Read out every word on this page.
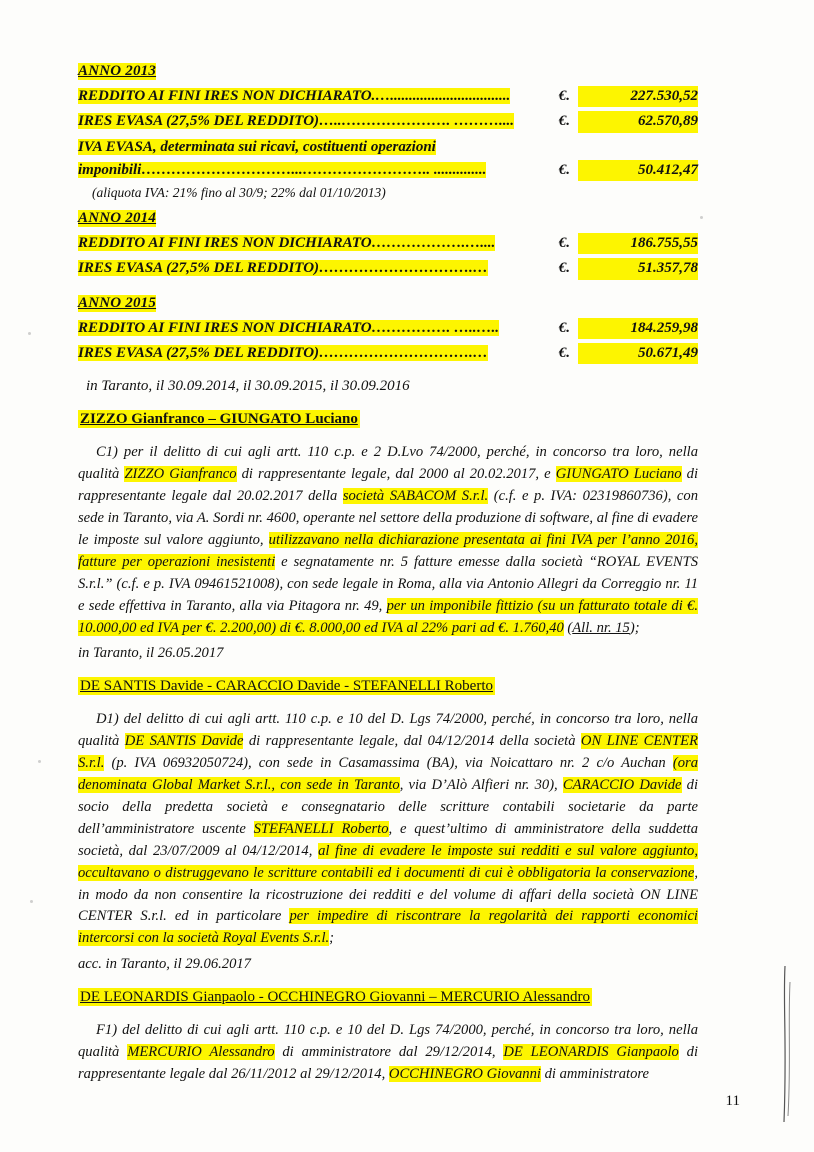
ANNO 2013
REDDITO AI FINI IRES NON DICHIARATO.…................................	€.	227.530,52
IRES EVASA (27,5% DEL REDDITO)…..…………………. ………....	€.	62.570,89
IVA EVASA, determinata sui ricavi, costituenti operazioni
imponibili…………………………...…………………….. ..............	€.	50.412,47
(aliquota IVA: 21% fino al 30/9; 22% dal 01/10/2013)
ANNO 2014
REDDITO AI FINI IRES NON DICHIARATO……………….…....	€.	186.755,55
IRES EVASA (27,5% DEL REDDITO)………………………….…	€.	51.357,78
ANNO 2015
REDDITO AI FINI IRES NON DICHIARATO……………. …..…..	€.	184.259,98
IRES EVASA (27,5% DEL REDDITO)………………………….…	€.	50.671,49
in Taranto, il 30.09.2014, il 30.09.2015, il 30.09.2016
ZIZZO Gianfranco – GIUNGATO Luciano
C1) per il delitto di cui agli artt. 110 c.p. e 2 D.Lvo 74/2000, perché, in concorso tra loro, nella qualità ZIZZO Gianfranco di rappresentante legale, dal 2000 al 20.02.2017, e GIUNGATO Luciano di rappresentante legale dal 20.02.2017 della società SABACOM S.r.l. (c.f. e p. IVA: 02319860736), con sede in Taranto, via A. Sordi nr. 4600, operante nel settore della produzione di software, al fine di evadere le imposte sul valore aggiunto, utilizzavano nella dichiarazione presentata ai fini IVA per l’anno 2016, fatture per operazioni inesistenti e segnatamente nr. 5 fatture emesse dalla società “ROYAL EVENTS S.r.l.” (c.f. e p. IVA 09461521008), con sede legale in Roma, alla via Antonio Allegri da Correggio nr. 11 e sede effettiva in Taranto, alla via Pitagora nr. 49, per un imponibile fittizio (su un fatturato totale di €. 10.000,00 ed IVA per €. 2.200,00) di €. 8.000,00 ed IVA al 22% pari ad €. 1.760,40 (All. nr. 15);
in Taranto, il 26.05.2017
DE SANTIS Davide - CARACCIO Davide - STEFANELLI Roberto
D1) del delitto di cui agli artt. 110 c.p. e 10 del D. Lgs 74/2000, perché, in concorso tra loro, nella qualità DE SANTIS Davide di rappresentante legale, dal 04/12/2014 della società ON LINE CENTER S.r.l. (p. IVA 06932050724), con sede in Casamassima (BA), via Noicattaro nr. 2 c/o Auchan (ora denominata Global Market S.r.l., con sede in Taranto, via D’Alò Alfieri nr. 30), CARACCIO Davide di socio della predetta società e consegnatario delle scritture contabili societarie da parte dell’amministratore uscente STEFANELLI Roberto, e quest’ultimo di amministratore della suddetta società, dal 23/07/2009 al 04/12/2014, al fine di evadere le imposte sui redditi e sul valore aggiunto, occultavano o distruggevano le scritture contabili ed i documenti di cui è obbligatoria la conservazione, in modo da non consentire la ricostruzione dei redditi e del volume di affari della società ON LINE CENTER S.r.l. ed in particolare per impedire di riscontrare la regolarità dei rapporti economici intercorsi con la società Royal Events S.r.l.;
acc. in Taranto, il 29.06.2017
DE LEONARDIS Gianpaolo - OCCHINEGRO Giovanni – MERCURIO Alessandro
F1) del delitto di cui agli artt. 110 c.p. e 10 del D. Lgs 74/2000, perché, in concorso tra loro, nella qualità MERCURIO Alessandro di amministratore dal 29/12/2014, DE LEONARDIS Gianpaolo di rappresentante legale dal 26/11/2012 al 29/12/2014, OCCHINEGRO Giovanni di amministratore
11
